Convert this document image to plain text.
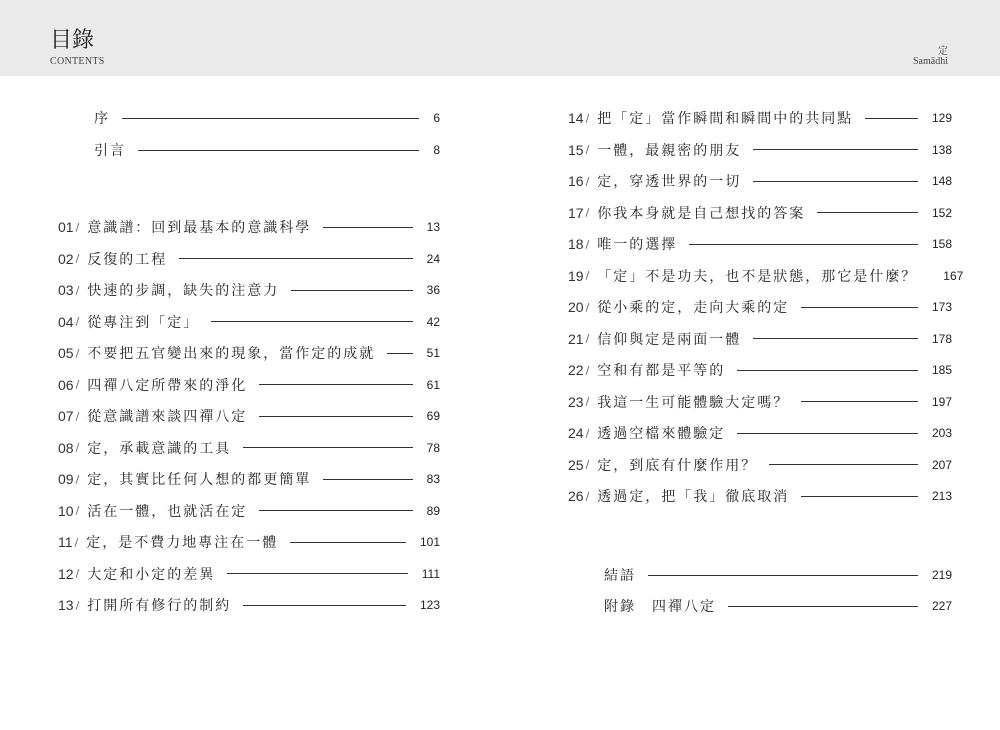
目錄
CONTENTS
定
Samādhi
序	6
引言	8
01 / 意識譜：回到最基本的意識科學	13
02 / 反復的工程	24
03 / 快速的步調，缺失的注意力	36
04 / 從專注到「定」	42
05 / 不要把五官變出來的現象，當作定的成就	51
06 / 四禪八定所帶來的淨化	61
07 / 從意識譜來談四禪八定	69
08 / 定，承載意識的工具	78
09 / 定，其實比任何人想的都更簡單	83
10 / 活在一體，也就活在定	89
11 / 定，是不費力地專注在一體	101
12 / 大定和小定的差異	111
13 / 打開所有修行的制約	123
14 / 把「定」當作瞬間和瞬間中的共同點	129
15 / 一體，最親密的朋友	138
16 / 定，穿透世界的一切	148
17 / 你我本身就是自己想找的答案	152
18 / 唯一的選擇	158
19 / 「定」不是功夫，也不是狀態，那它是什麼？ 167
20 / 從小乘的定，走向大乘的定	173
21 / 信仰與定是兩面一體	178
22 / 空和有都是平等的	185
23 / 我這一生可能體驗大定嗎？	197
24 / 透過空檔來體驗定	203
25 / 定，到底有什麼作用？	207
26 / 透過定，把「我」徹底取消	213
結語	219
附錄　四禪八定	227
